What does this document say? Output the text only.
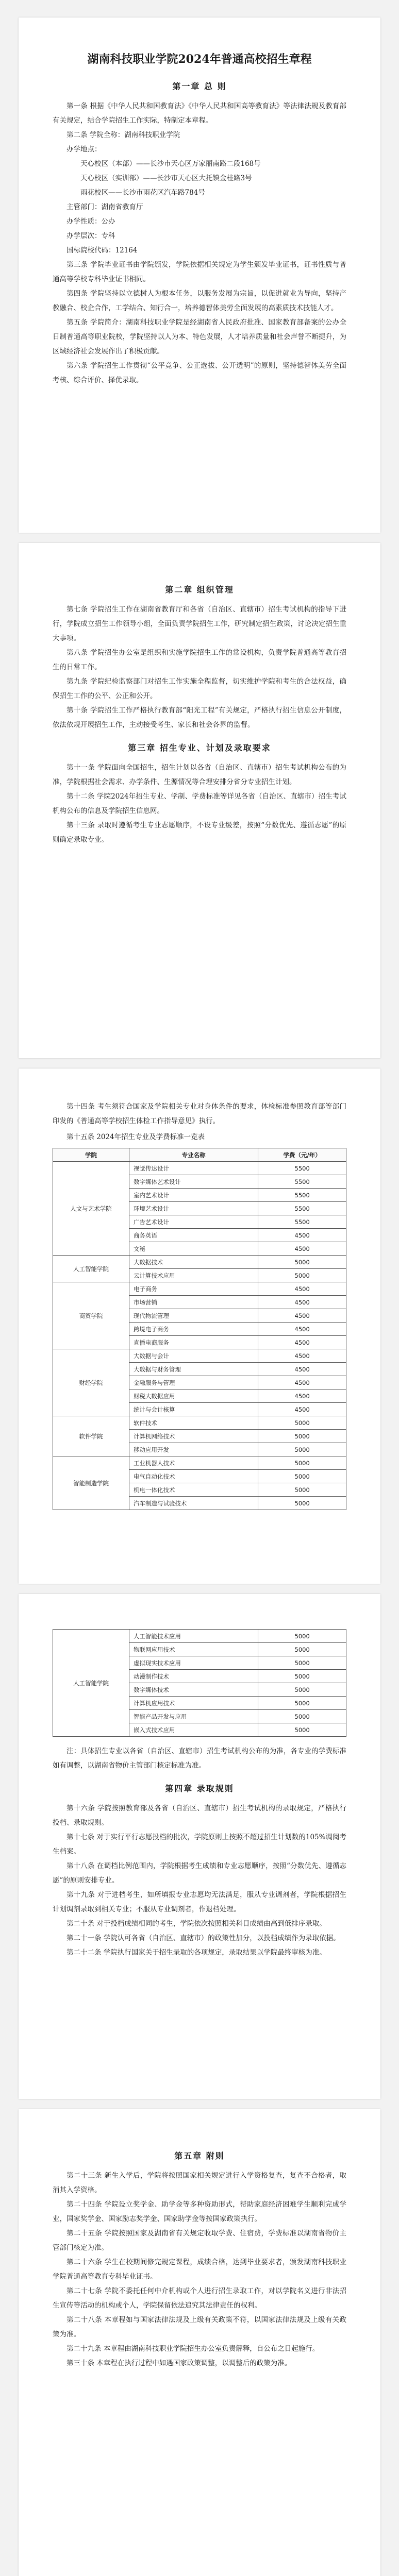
湖南科技职业学院2024年普通高校招生章程
第一章 总 则

第一条 根据《中华人民共和国教育法》《中华人民共和国高等教育法》等法律法规及教育部有关规定，结合学院招生工作实际，特制定本章程。

第二条 学院全称：湖南科技职业学院

办学地点：

天心校区（本部）——长沙市天心区万家丽南路二段168号

天心校区（实训部）——长沙市天心区大托镇金桂路3号

雨花校区——长沙市雨花区汽车路784号

主管部门：湖南省教育厅

办学性质：公办

办学层次：专科

国标院校代码：12164

第三条 学院毕业证书由学院颁发，学院依据相关规定为学生颁发毕业证书，证书性质与普通高等学校专科毕业证书相同。

第四条 学院坚持以立德树人为根本任务，以服务发展为宗旨，以促进就业为导向，坚持产教融合、校企合作，工学结合、知行合一，培养德智体美劳全面发展的高素质技术技能人才。

第五条 学院简介：湖南科技职业学院是经湖南省人民政府批准、国家教育部备案的公办全日制普通高等职业院校，学院坚持以人为本、特色发展，人才培养质量和社会声誉不断提升，为区域经济社会发展作出了积极贡献。

第六条 学院招生工作贯彻“公平竞争、公正选拔、公开透明”的原则，坚持德智体美劳全面考核、综合评价、择优录取。

第二章 组织管理

第七条 学院招生工作在湖南省教育厅和各省（自治区、直辖市）招生考试机构的指导下进行，学院成立招生工作领导小组，全面负责学院招生工作，研究制定招生政策，讨论决定招生重大事项。

第八条 学院招生办公室是组织和实施学院招生工作的常设机构，负责学院普通高等教育招生的日常工作。

第九条 学院纪检监察部门对招生工作实施全程监督，切实维护学院和考生的合法权益，确保招生工作的公平、公正和公开。

第十条 学院招生工作严格执行教育部“阳光工程”有关规定，严格执行招生信息公开制度，依法依规开展招生工作，主动接受考生、家长和社会各界的监督。

第三章 招生专业、计划及录取要求

第十一条 学院面向全国招生，招生计划以各省（自治区、直辖市）招生考试机构公布的为准，学院根据社会需求、办学条件、生源情况等合理安排分省分专业招生计划。

第十二条 学院2024年招生专业、学制、学费标准等详见各省（自治区、直辖市）招生考试机构公布的信息及学院招生信息网。

第十三条 录取时遵循考生专业志愿顺序，不设专业级差，按照“分数优先、遵循志愿”的原则确定录取专业。

第十四条 考生须符合国家及学院相关专业对身体条件的要求，体检标准参照教育部等部门印发的《普通高等学校招生体检工作指导意见》执行。

第十五条 2024年招生专业及学费标准一览表

学院	专业名称	学费（元/年）
人文与艺术学院	视觉传达设计	5500
	数字媒体艺术设计	5500
	室内艺术设计	5500
	环境艺术设计	5500
	广告艺术设计	5500
	商务英语	4500
	文秘	4500
人工智能学院	大数据技术	5000
	云计算技术应用	5000
商贸学院	电子商务	4500
	市场营销	4500
	现代物流管理	4500
	跨境电子商务	4500
	直播电商服务	4500
财经学院	大数据与会计	4500
	大数据与财务管理	4500
	金融服务与管理	4500
	财税大数据应用	4500
	统计与会计核算	4500
软件学院	软件技术	5000
	计算机网络技术	5000
	移动应用开发	5000
智能制造学院	工业机器人技术	5000
	电气自动化技术	5000
	机电一体化技术	5000
	汽车制造与试验技术	5000
人工智能学院	人工智能技术应用	5000
	物联网应用技术	5000
	虚拟现实技术应用	5000
	动漫制作技术	5000
	数字媒体技术	5000
	计算机应用技术	5000
	智能产品开发与应用	5000
	嵌入式技术应用	5000

注：具体招生专业以各省（自治区、直辖市）招生考试机构公布的为准，各专业的学费标准如有调整，以湖南省物价主管部门核定标准为准。

第四章 录取规则

第十六条 学院按照教育部及各省（自治区、直辖市）招生考试机构的录取规定，严格执行投档、录取规则。

第十七条 对于实行平行志愿投档的批次，学院原则上按照不超过招生计划数的105%调阅考生档案。

第十八条 在调档比例范围内，学院根据考生成绩和专业志愿顺序，按照“分数优先、遵循志愿”的原则安排专业。

第十九条 对于进档考生，如所填报专业志愿均无法满足，服从专业调剂者，学院根据招生计划调剂录取到相关专业；不服从专业调剂者，作退档处理。

第二十条 对于投档成绩相同的考生，学院依次按照相关科目成绩由高到低排序录取。

第二十一条 学院认可各省（自治区、直辖市）的政策性加分，以投档成绩作为录取依据。

第二十二条 学院执行国家关于招生录取的各项规定，录取结果以学院最终审核为准。

第五章 附则

第二十三条 新生入学后，学院将按照国家相关规定进行入学资格复查，复查不合格者，取消其入学资格。

第二十四条 学院设立奖学金、助学金等多种资助形式，帮助家庭经济困难学生顺利完成学业，国家奖学金、国家励志奖学金、国家助学金等按国家政策执行。

第二十五条 学院按照国家及湖南省有关规定收取学费、住宿费，学费标准以湖南省物价主管部门核定为准。

第二十六条 学生在校期间修完规定课程，成绩合格，达到毕业要求者，颁发湖南科技职业学院普通高等教育专科毕业证书。

第二十七条 学院不委托任何中介机构或个人进行招生录取工作，对以学院名义进行非法招生宣传等活动的机构或个人，学院保留依法追究其法律责任的权利。

第二十八条 本章程如与国家法律法规及上级有关政策不符，以国家法律法规及上级有关政策为准。

第二十九条 本章程由湖南科技职业学院招生办公室负责解释，自公布之日起施行。

第三十条 本章程在执行过程中如遇国家政策调整，以调整后的政策为准。
